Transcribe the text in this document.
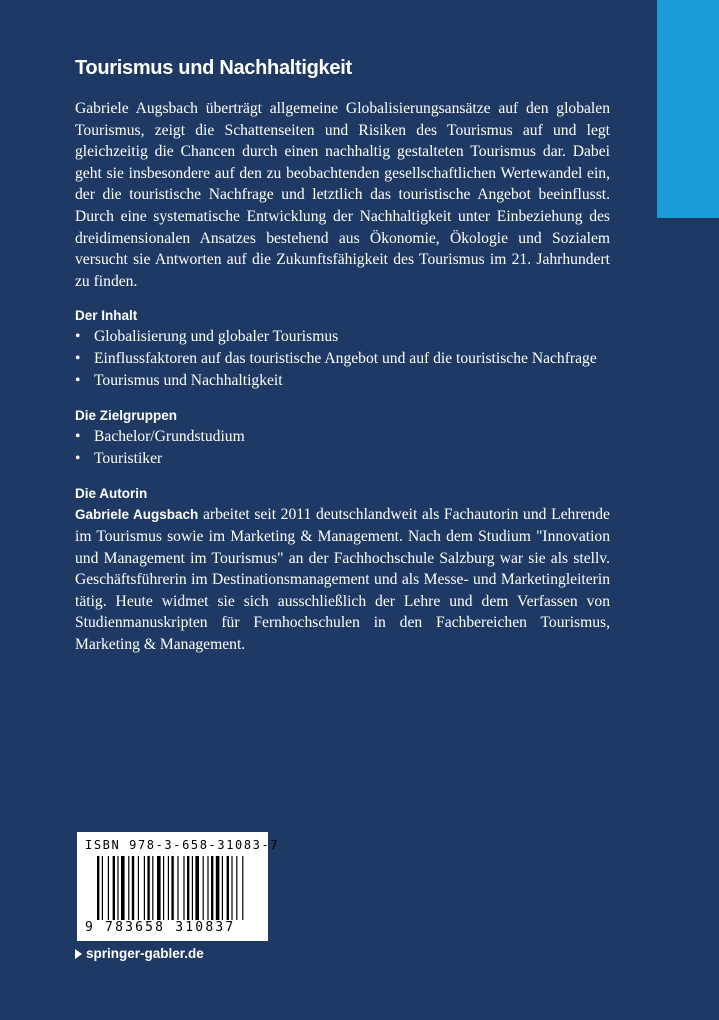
Tourismus und Nachhaltigkeit

Gabriele Augsbach überträgt allgemeine Globalisierungsansätze auf den globalen Tourismus, zeigt die Schattenseiten und Risiken des Tourismus auf und legt gleichzeitig die Chancen durch einen nachhaltig gestalteten Tourismus dar. Dabei geht sie insbesondere auf den zu beobachtenden gesellschaftlichen Wertewandel ein, der die touristische Nachfrage und letztlich das touristische Angebot beeinflusst. Durch eine systematische Entwicklung der Nachhaltigkeit unter Einbeziehung des dreidimensionalen Ansatzes bestehend aus Ökonomie, Ökologie und Sozialem versucht sie Antworten auf die Zukunftsfähigkeit des Tourismus im 21. Jahrhundert zu finden.

Der Inhalt
• Globalisierung und globaler Tourismus
• Einflussfaktoren auf das touristische Angebot und auf die touristische Nachfrage
• Tourismus und Nachhaltigkeit
Die Zielgruppen
• Bachelor/Grundstudium
• Touristiker
Die Autorin

Gabriele Augsbach arbeitet seit 2011 deutschlandweit als Fachautorin und Lehrende im Tourismus sowie im Marketing & Management. Nach dem Studium "Innovation und Management im Tourismus" an der Fachhochschule Salzburg war sie als stellv. Geschäftsführerin im Destinationsmanagement und als Messe- und Marketingleiterin tätig. Heute widmet sie sich ausschließlich der Lehre und dem Verfassen von Studienmanuskripten für Fernhochschulen in den Fachbereichen Tourismus, Marketing & Management.

ISBN 978-3-658-31083-7
9 783658 310837
springer-gabler.de
